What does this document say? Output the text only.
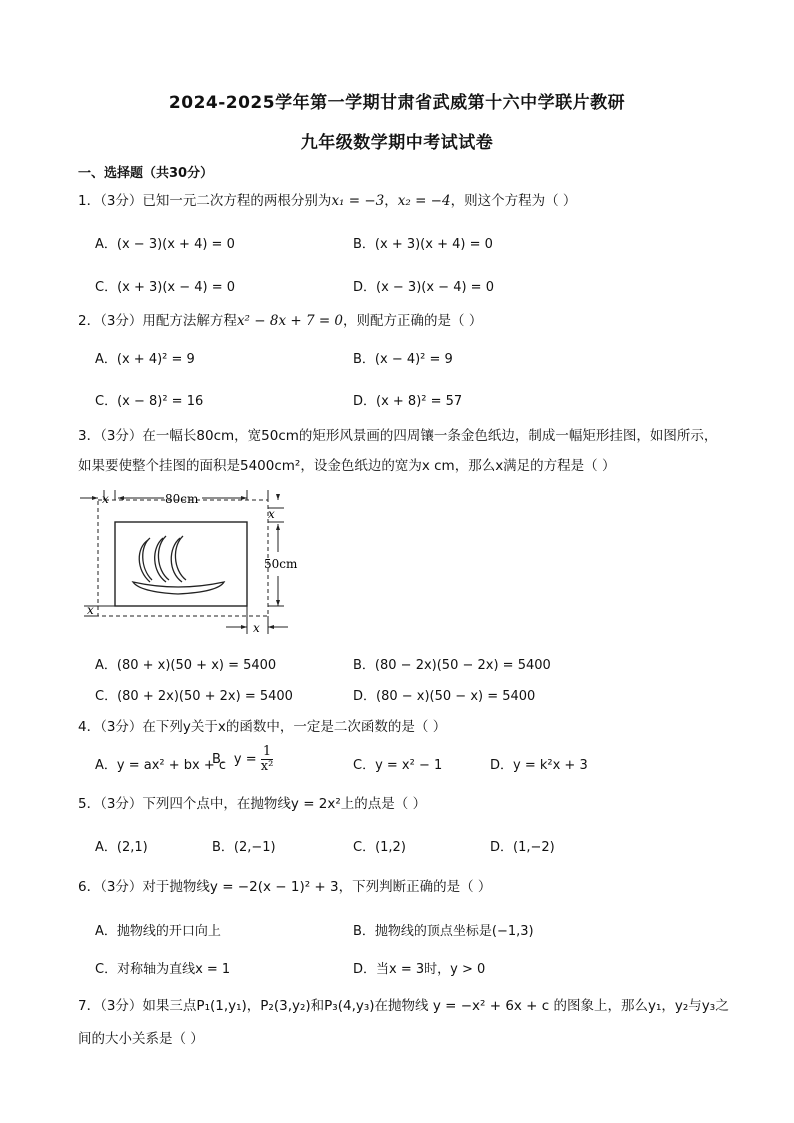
2024-2025学年第一学期甘肃省武威第十六中学联片教研
九年级数学期中考试试卷
一、选择题（共30分）
1．（3分）已知一元二次方程的两根分别为x₁ = −3，x₂ = −4，则这个方程为（ ）
A．(x − 3)(x + 4) = 0	B．(x + 3)(x + 4) = 0
C．(x + 3)(x − 4) = 0	D．(x − 3)(x − 4) = 0
2．（3分）用配方法解方程x² − 8x + 7 = 0，则配方正确的是（ ）
A．(x + 4)² = 9	B．(x − 4)² = 9
C．(x − 8)² = 16	D．(x + 8)² = 57
3．（3分）在一幅长80cm，宽50cm的矩形风景画的四周镶一条金色纸边，制成一幅矩形挂图，如图所示，
如果要使整个挂图的面积是5400cm²，设金色纸边的宽为x cm，那么x满足的方程是（ ）
x	80cm
x
50cm
x
x
A．(80 + x)(50 + x) = 5400	B．(80 − 2x)(50 − 2x) = 5400
C．(80 + 2x)(50 + 2x) = 5400	D．(80 − x)(50 − x) = 5400
4．（3分）在下列y关于x的函数中，一定是二次函数的是（ ）
A．y = ax² + bx + c
B．$y = \frac{1}{\text{x²}}$	C．y = x² − 1	D．y = k²x + 3
5．（3分）下列四个点中，在抛物线y = 2x²上的点是（ ）
A．(2,1)	B．(2,−1)	C．(1,2)	D．(1,−2)
6．（3分）对于抛物线y = −2(x − 1)² + 3，下列判断正确的是（ ）
A．抛物线的开口向上	B．抛物线的顶点坐标是(−1,3)
C．对称轴为直线x = 1	D．当x = 3时，y > 0
7．（3分）如果三点P₁(1,y₁)，P₂(3,y₂)和P₃(4,y₃)在抛物线 y = −x² + 6x + c 的图象上，那么y₁，y₂与y₃之
间的大小关系是（ ）
